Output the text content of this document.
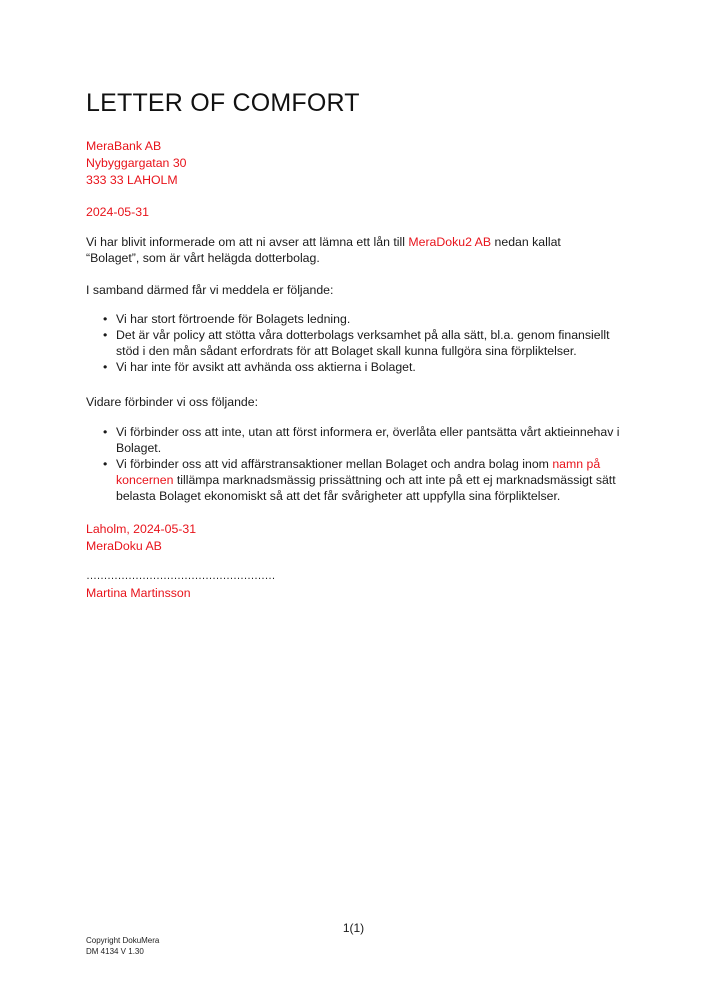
LETTER OF COMFORT
MeraBank AB
Nybyggargatan 30
333 33 LAHOLM
2024-05-31
Vi har blivit informerade om att ni avser att lämna ett lån till MeraDoku2 AB nedan kallat
“Bolaget”, som är vårt helägda dotterbolag.
I samband därmed får vi meddela er följande:
• Vi har stort förtroende för Bolagets ledning.
• Det är vår policy att stötta våra dotterbolags verksamhet på alla sätt, bl.a. genom finansiellt stöd i den mån sådant erfordrats för att Bolaget skall kunna fullgöra sina förpliktelser.
• Vi har inte för avsikt att avhända oss aktierna i Bolaget.
Vidare förbinder vi oss följande:
• Vi förbinder oss att inte, utan att först informera er, överlåta eller pantsätta vårt aktieinnehav i Bolaget.
• Vi förbinder oss att vid affärstransaktioner mellan Bolaget och andra bolag inom namn på koncernen tillämpa marknadsmässig prissättning och att inte på ett ej marknadsmässigt sätt belasta Bolaget ekonomiskt så att det får svårigheter att uppfylla sina förpliktelser.
Laholm, 2024-05-31
MeraDoku AB
………………………………………………
Martina Martinsson
1(1)
Copyright DokuMera
DM 4134 V 1.30
